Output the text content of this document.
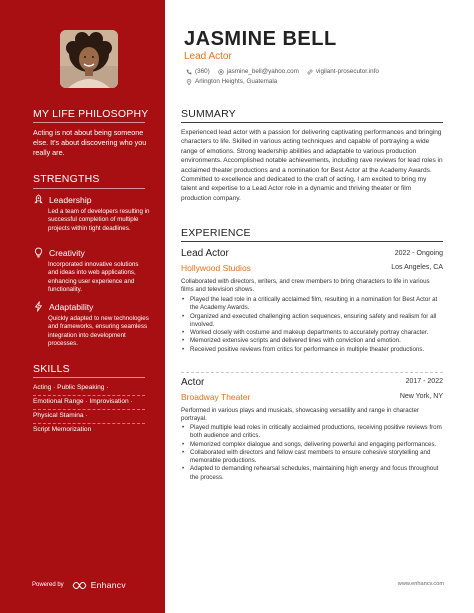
MY LIFE PHILOSOPHY
Acting is not about being someone else. It's about discovering who you really are.
STRENGTHS
Leadership
Led a team of developers resulting in successful completion of multiple projects within tight deadlines.
Creativity
Incorporated innovative solutions and ideas into web applications, enhancing user experience and functionality.
Adaptability
Quickly adapted to new technologies and frameworks, ensuring seamless integration into development processes.
SKILLS
Acting · Public Speaking ·
Emotional Range · Improvisation ·
Physical Stamina ·
Script Memorization
Powered by	Enhancv
JASMINE BELL
Lead Actor
(360)	jasmine_bell@yahoo.com	vigilant-prosecutor.info
Arlington Heights, Guatemala
SUMMARY
Experienced lead actor with a passion for delivering captivating performances and bringing characters to life. Skilled in various acting techniques and capable of portraying a wide range of emotions. Strong leadership abilities and adaptable to various production environments. Accomplished notable achievements, including rave reviews for lead roles in acclaimed theater productions and a nomination for Best Actor at the Academy Awards. Committed to excellence and dedicated to the craft of acting, I am excited to bring my talent and expertise to a Lead Actor role in a dynamic and thriving theater or film production company.
EXPERIENCE
Lead Actor	2022 - Ongoing
Hollywood Studios	Los Angeles, CA
Collaborated with directors, writers, and crew members to bring characters to life in various films and television shows.
• Played the lead role in a critically acclaimed film, resulting in a nomination for Best Actor at the Academy Awards.
• Organized and executed challenging action sequences, ensuring safety and realism for all involved.
• Worked closely with costume and makeup departments to accurately portray character.
• Memorized extensive scripts and delivered lines with conviction and emotion.
• Received positive reviews from critics for performance in multiple theater productions.
Actor	2017 - 2022
Broadway Theater	New York, NY
Performed in various plays and musicals, showcasing versatility and range in character portrayal.
• Played multiple lead roles in critically acclaimed productions, receiving positive reviews from both audience and critics.
• Memorized complex dialogue and songs, delivering powerful and engaging performances.
• Collaborated with directors and fellow cast members to ensure cohesive storytelling and memorable productions.
• Adapted to demanding rehearsal schedules, maintaining high energy and focus throughout the process.
www.enhancv.com
